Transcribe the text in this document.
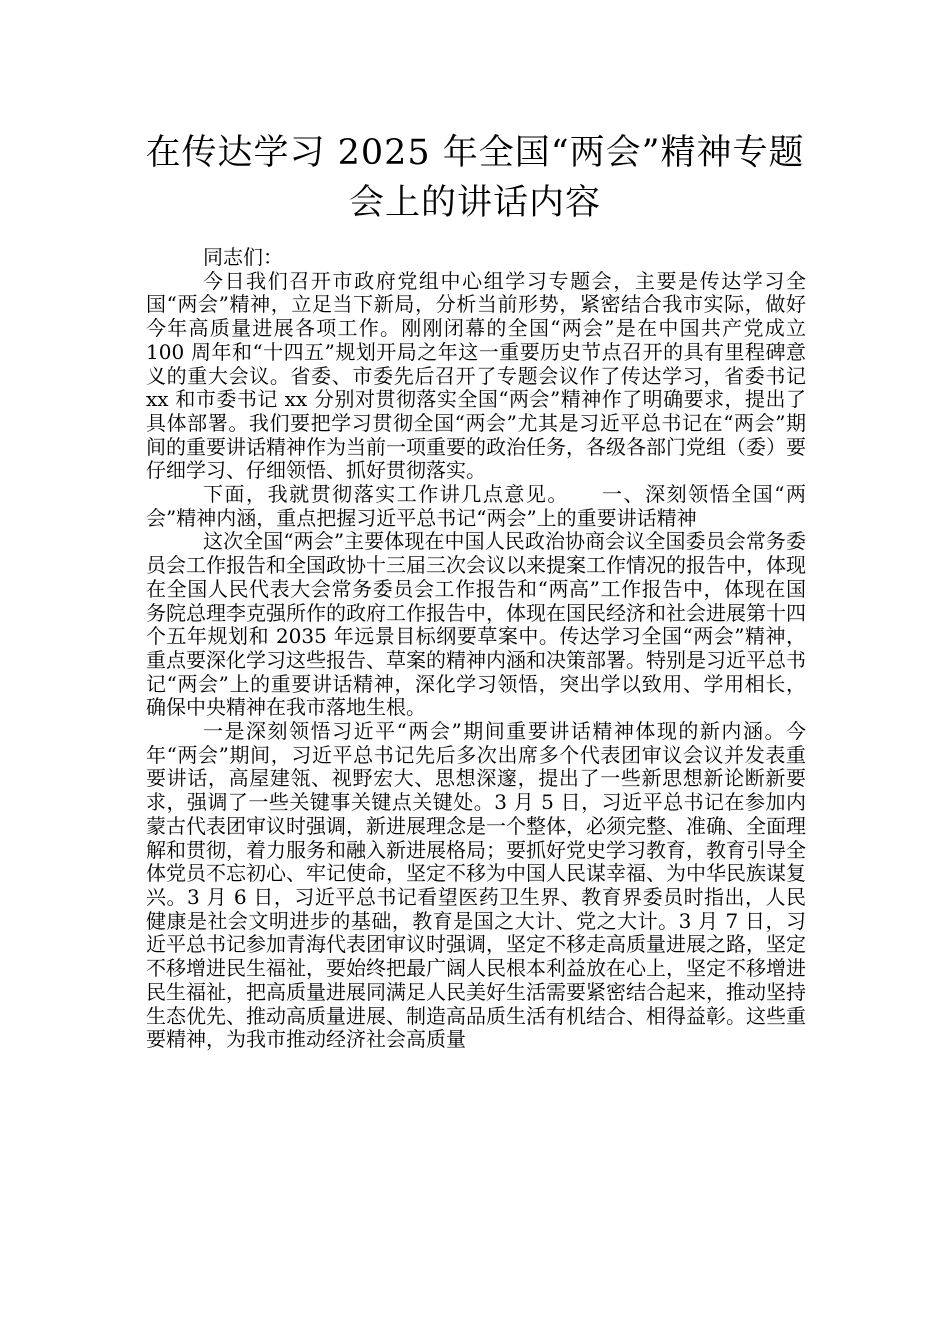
在传达学习 2025 年全国“两会”精神专题
会上的讲话内容

同志们：

今日我们召开市政府党组中心组学习专题会，主要是传达学习全国“两会”精神，立足当下新局，分析当前形势，紧密结合我市实际，做好今年高质量进展各项工作。刚刚闭幕的全国“两会”是在中国共产党成立 100 周年和“十四五”规划开局之年这一重要历史节点召开的具有里程碑意义的重大会议。省委、市委先后召开了专题会议作了传达学习，省委书记 xx 和市委书记 xx 分别对贯彻落实全国“两会”精神作了明确要求，提出了具体部署。我们要把学习贯彻全国“两会”尤其是习近平总书记在“两会”期间的重要讲话精神作为当前一项重要的政治任务，各级各部门党组（委）要仔细学习、仔细领悟、抓好贯彻落实。

下面，我就贯彻落实工作讲几点意见。　　一、深刻领悟全国“两会”精神内涵，重点把握习近平总书记“两会”上的重要讲话精神

这次全国“两会”主要体现在中国人民政治协商会议全国委员会常务委员会工作报告和全国政协十三届三次会议以来提案工作情况的报告中，体现在全国人民代表大会常务委员会工作报告和“两高”工作报告中，体现在国务院总理李克强所作的政府工作报告中，体现在国民经济和社会进展第十四个五年规划和 2035 年远景目标纲要草案中。传达学习全国“两会”精神，重点要深化学习这些报告、草案的精神内涵和决策部署。特别是习近平总书记“两会”上的重要讲话精神，深化学习领悟，突出学以致用、学用相长，确保中央精神在我市落地生根。

一是深刻领悟习近平“两会”期间重要讲话精神体现的新内涵。今年“两会”期间，习近平总书记先后多次出席多个代表团审议会议并发表重要讲话，高屋建瓴、视野宏大、思想深邃，提出了一些新思想新论断新要求，强调了一些关键事关键点关键处。3 月 5 日，习近平总书记在参加内蒙古代表团审议时强调，新进展理念是一个整体，必须完整、准确、全面理解和贯彻，着力服务和融入新进展格局；要抓好党史学习教育，教育引导全体党员不忘初心、牢记使命，坚定不移为中国人民谋幸福、为中华民族谋复兴。3 月 6 日，习近平总书记看望医药卫生界、教育界委员时指出，人民健康是社会文明进步的基础，教育是国之大计、党之大计。3 月 7 日，习近平总书记参加青海代表团审议时强调，坚定不移走高质量进展之路，坚定不移增进民生福祉，要始终把最广阔人民根本利益放在心上，坚定不移增进民生福祉，把高质量进展同满足人民美好生活需要紧密结合起来，推动坚持生态优先、推动高质量进展、制造高品质生活有机结合、相得益彰。这些重要精神，为我市推动经济社会高质量
